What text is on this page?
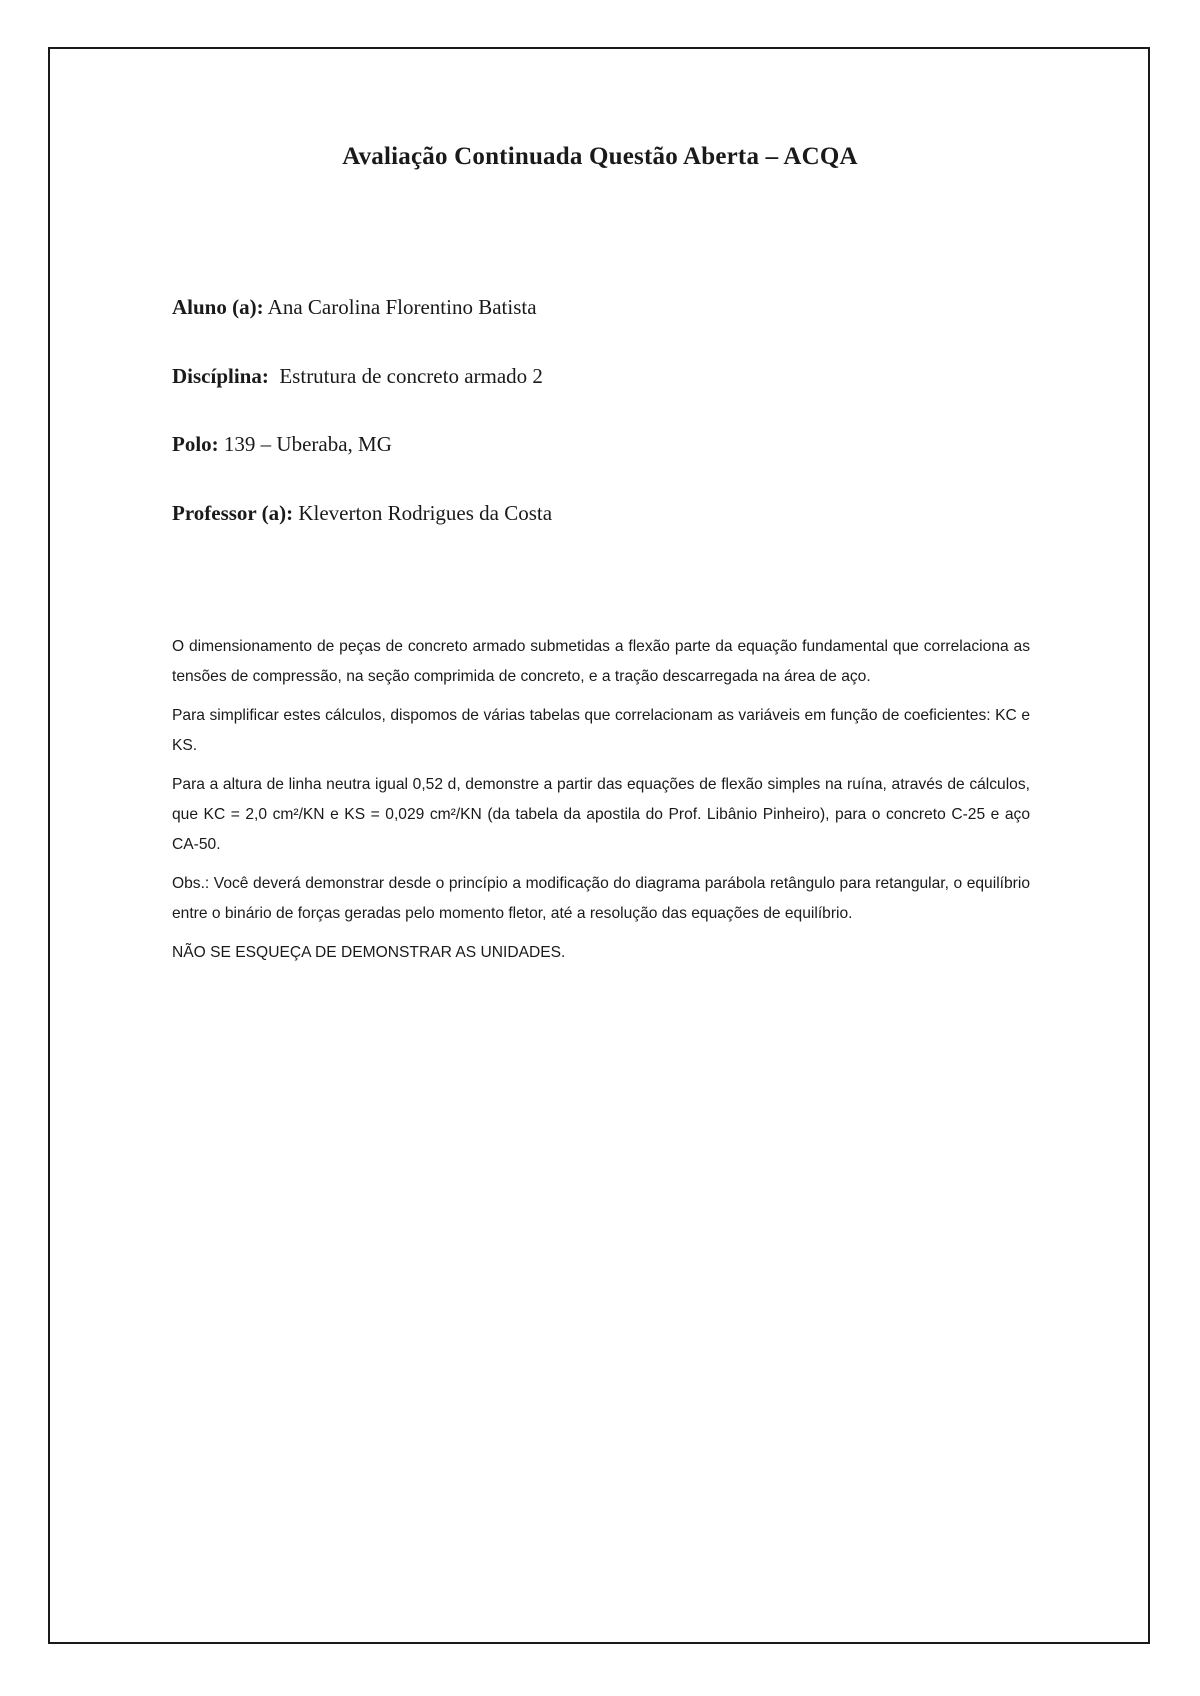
Avaliação Continuada Questão Aberta – ACQA

Aluno (a): Ana Carolina Florentino Batista

Discíplina:  Estrutura de concreto armado 2

Polo: 139 – Uberaba, MG

Professor (a): Kleverton Rodrigues da Costa

O dimensionamento de peças de concreto armado submetidas a flexão parte da equação fundamental que correlaciona as tensões de compressão, na seção comprimida de concreto, e a tração descarregada na área de aço.

Para simplificar estes cálculos, dispomos de várias tabelas que correlacionam as variáveis em função de coeficientes: KC e KS.

Para a altura de linha neutra igual 0,52 d, demonstre a partir das equações de flexão simples na ruína, através de cálculos, que KC = 2,0 cm²/KN e KS = 0,029 cm²/KN (da tabela da apostila do Prof. Libânio Pinheiro), para o concreto C-25 e aço CA-50.

Obs.: Você deverá demonstrar desde o princípio a modificação do diagrama parábola retângulo para retangular, o equilíbrio entre o binário de forças geradas pelo momento fletor, até a resolução das equações de equilíbrio.

NÃO SE ESQUEÇA DE DEMONSTRAR AS UNIDADES.
